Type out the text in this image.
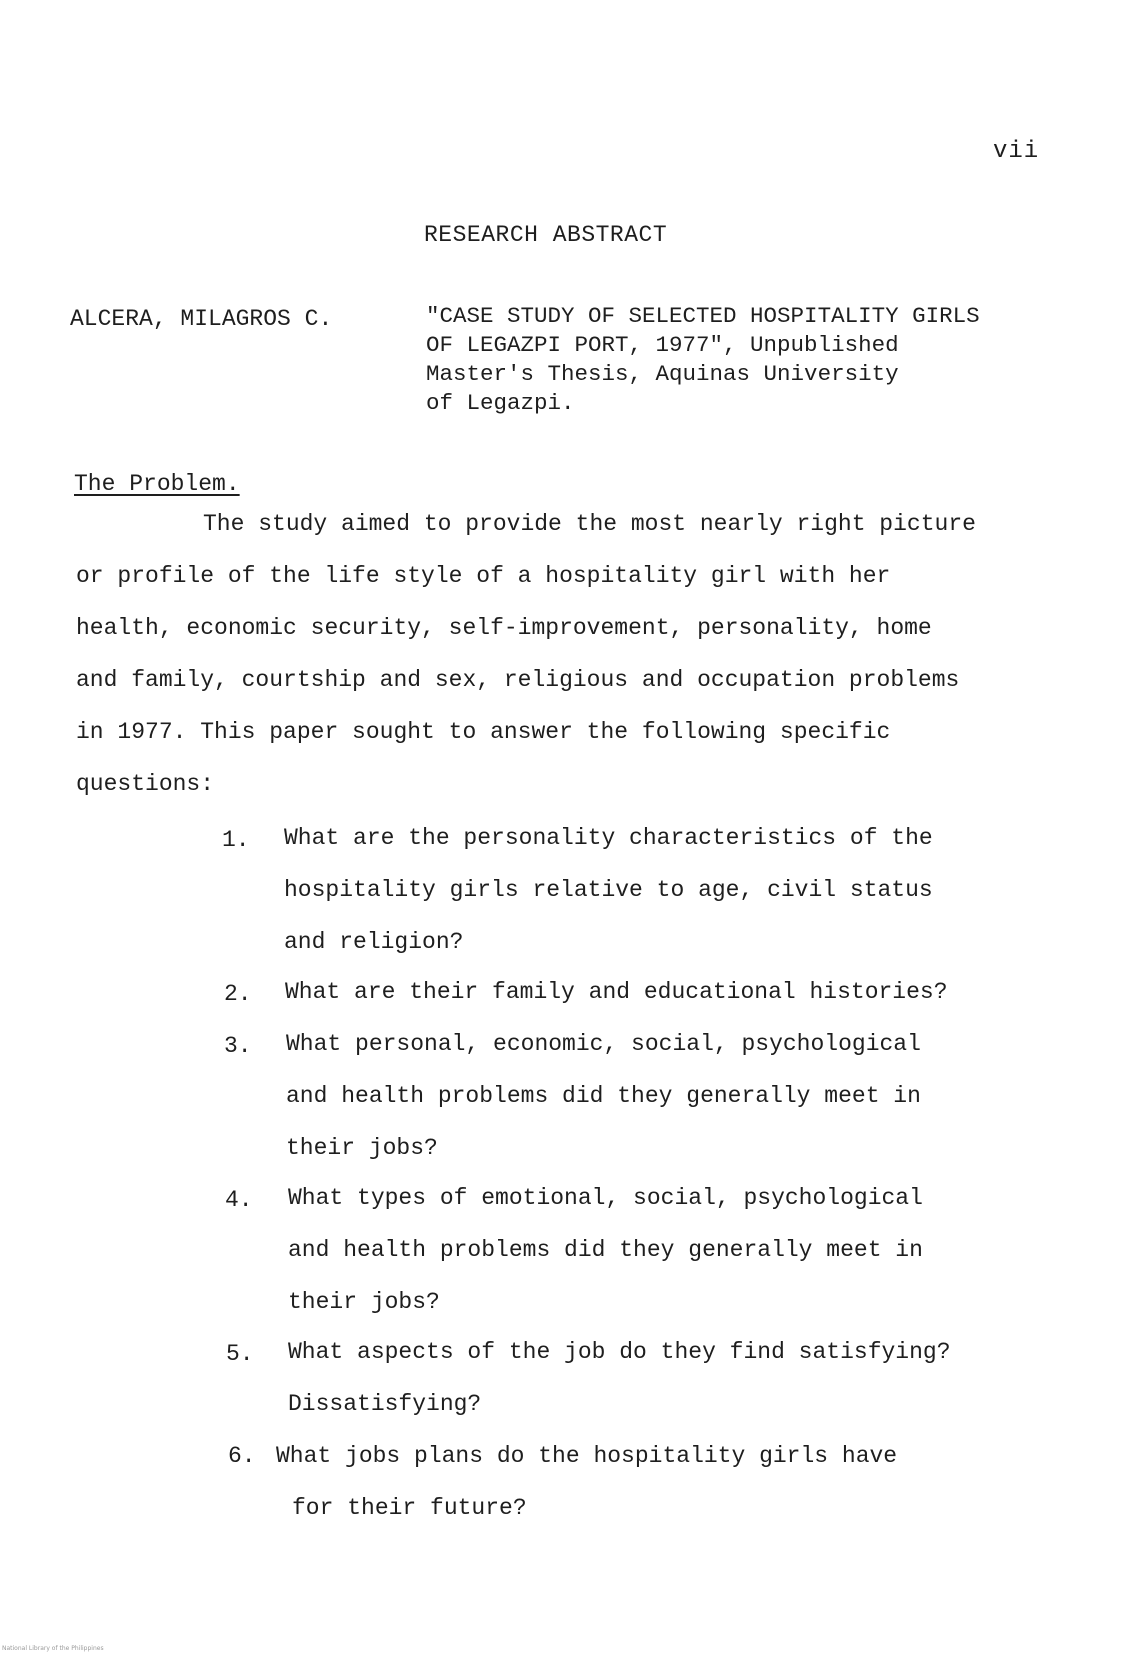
vii
RESEARCH ABSTRACT
ALCERA, MILAGROS C.	"CASE STUDY OF SELECTED HOSPITALITY GIRLS
OF LEGAZPI PORT, 1977", Unpublished
Master's Thesis, Aquinas University
of Legazpi.
The Problem.
The study aimed to provide the most nearly right picture
or profile of the life style of a hospitality girl with her
health, economic security, self-improvement, personality, home
and family, courtship and sex, religious and occupation problems
in 1977. This paper sought to answer the following specific
questions:
1. What are the personality characteristics of the
hospitality girls relative to age, civil status
and religion?
2. What are their family and educational histories?
3. What personal, economic, social, psychological
and health problems did they generally meet in
their jobs?
4. What types of emotional, social, psychological
and health problems did they generally meet in
their jobs?
5. What aspects of the job do they find satisfying?
Dissatisfying?
6. What jobs plans do the hospitality girls have
for their future?
National Library of the Philippines
